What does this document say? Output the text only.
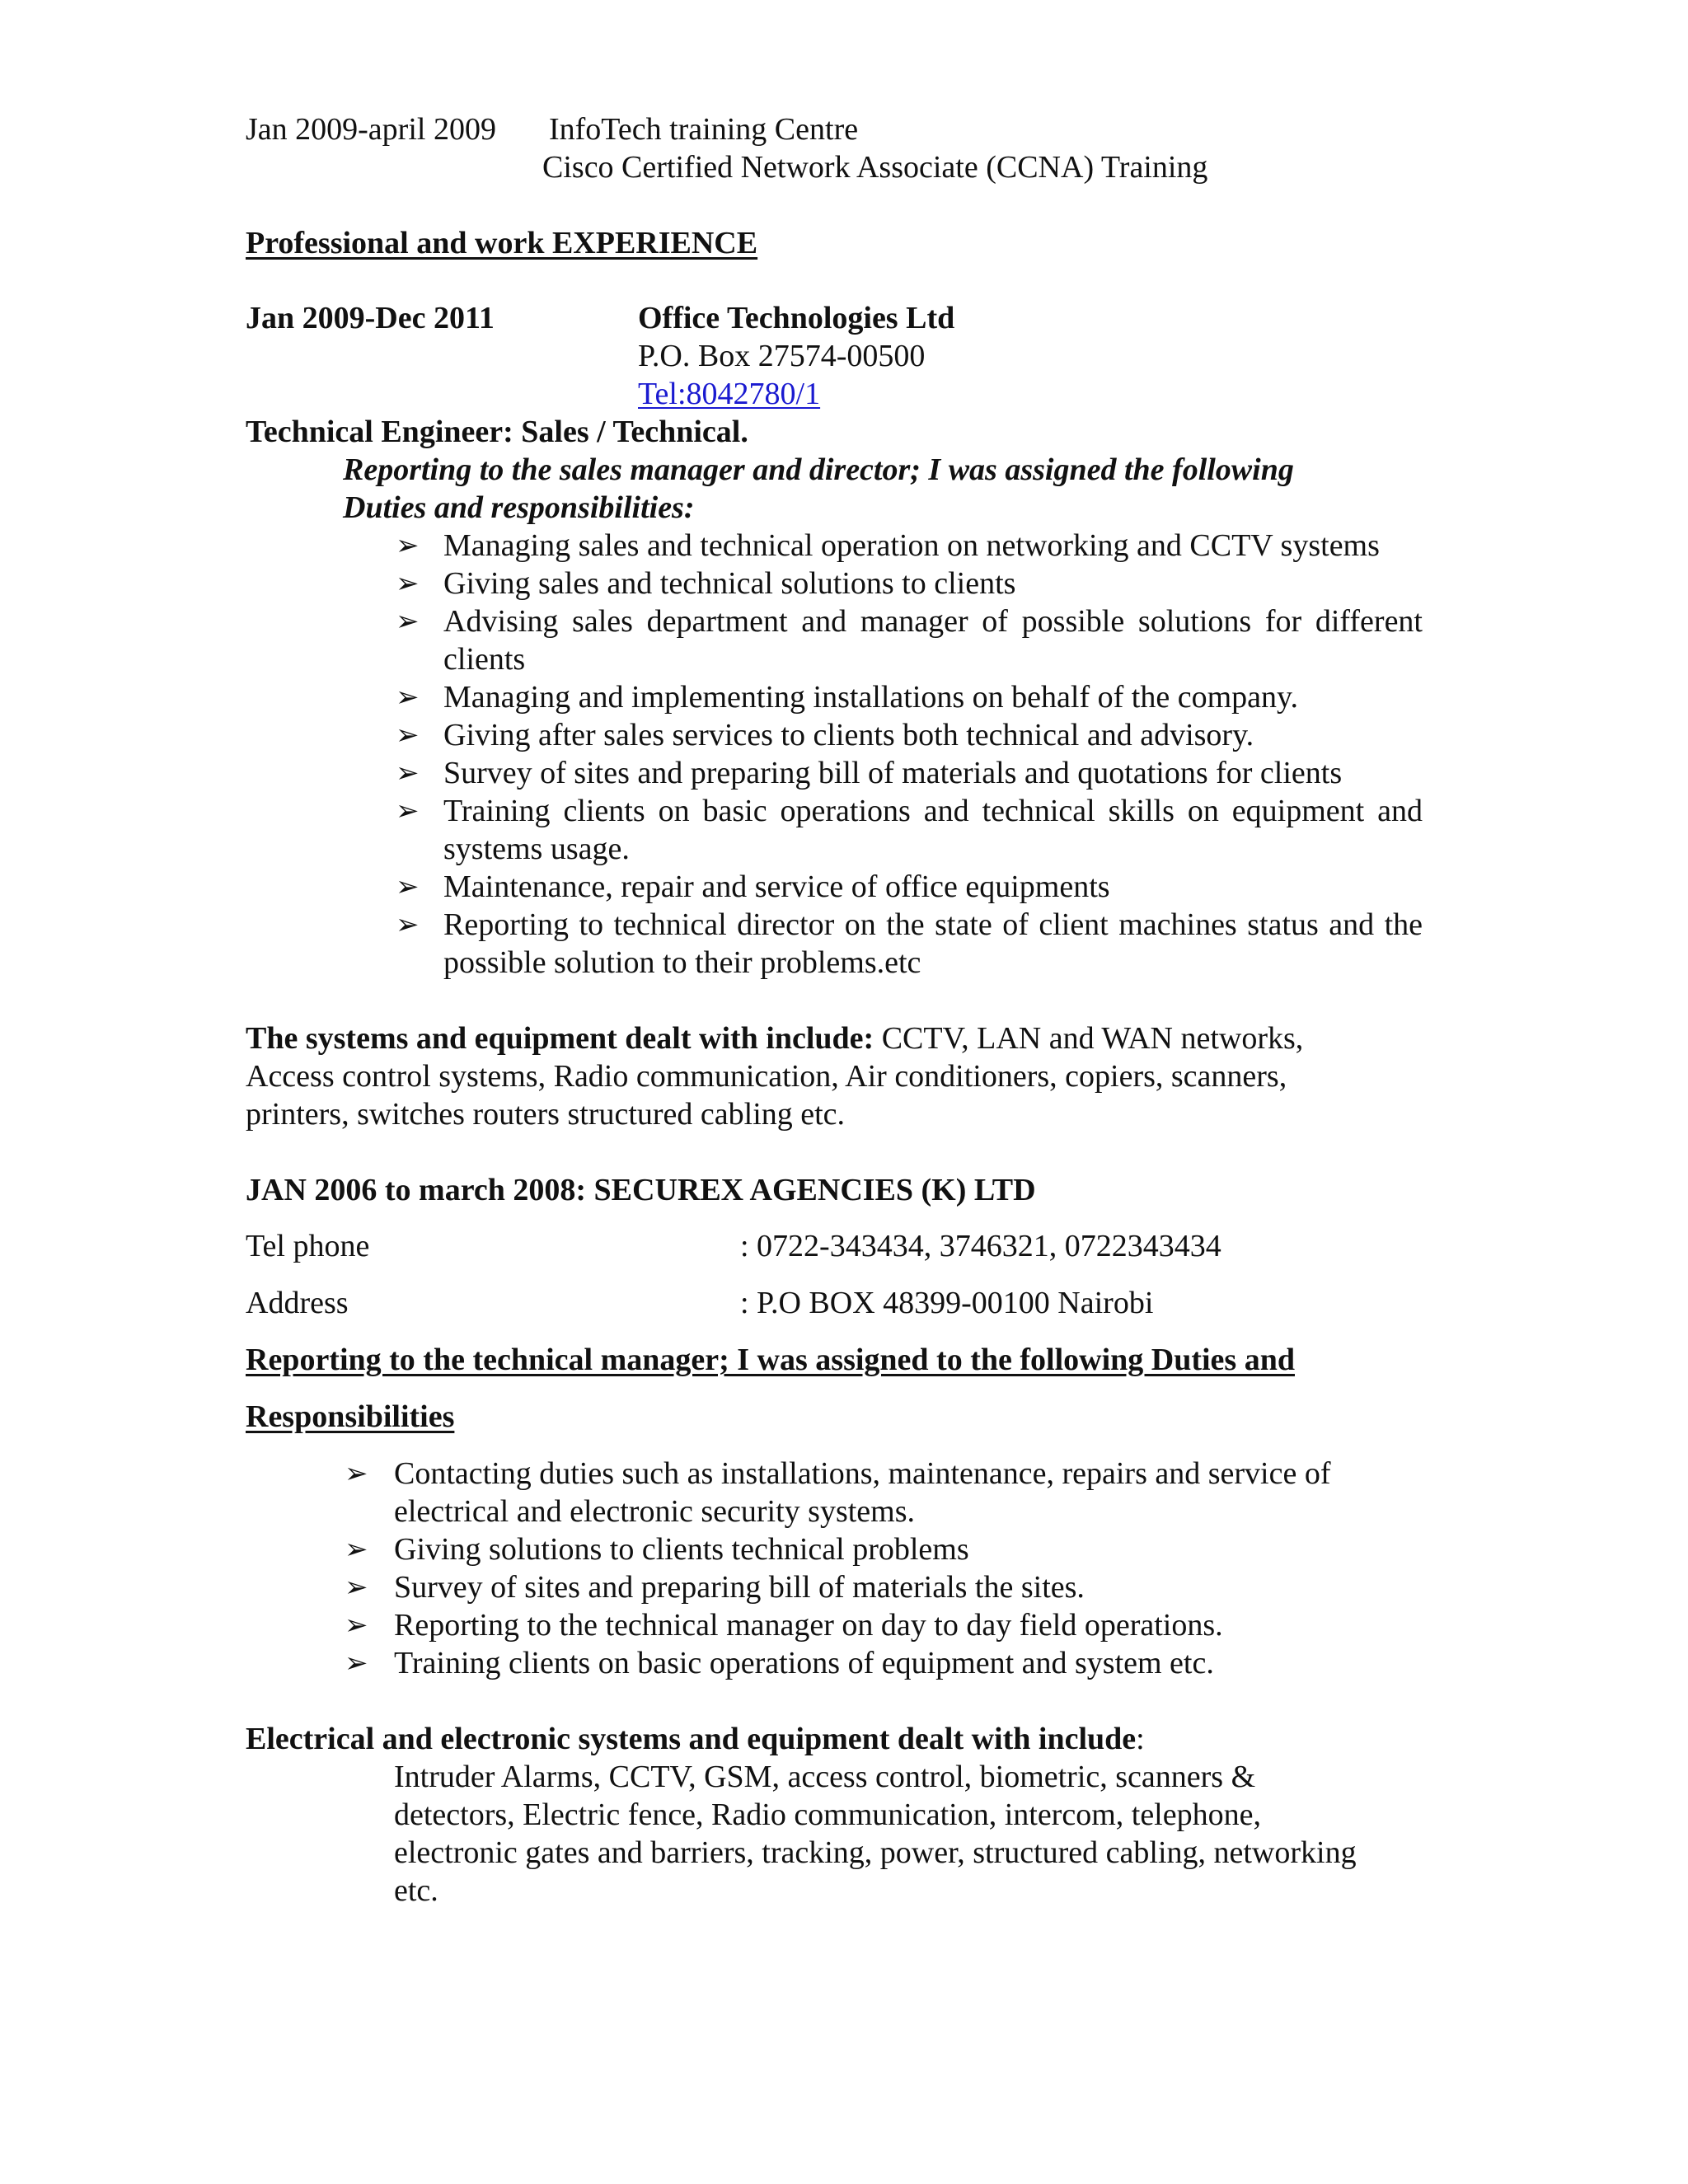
Jan 2009-april 2009 InfoTech training Centre
Cisco Certified Network Associate (CCNA) Training
Professional and work EXPERIENCE
Jan 2009-Dec 2011	Office Technologies Ltd
P.O. Box 27574-00500
Tel:8042780/1
Technical Engineer: Sales / Technical.
Reporting to the sales manager and director; I was assigned the following
Duties and responsibilities:
➢ Managing sales and technical operation on networking and CCTV systems
➢ Giving sales and technical solutions to clients
➢ Advising sales department and manager of possible solutions for different clients
➢ Managing and implementing installations on behalf of the company.
➢ Giving after sales services to clients both technical and advisory.
➢ Survey of sites and preparing bill of materials and quotations for clients
➢ Training clients on basic operations and technical skills on equipment and systems usage.
➢ Maintenance, repair and service of office equipments
➢ Reporting to technical director on the state of client machines status and the possible solution to their problems.etc
The systems and equipment dealt with include: CCTV, LAN and WAN networks,
Access control systems, Radio communication, Air conditioners, copiers, scanners,
printers, switches routers structured cabling etc.
JAN 2006 to march 2008: SECUREX AGENCIES (K) LTD
Tel phone	: 0722-343434, 3746321, 0722343434
Address	: P.O BOX 48399-00100 Nairobi
Reporting to the technical manager; I was assigned to the following Duties and
Responsibilities
➢ Contacting duties such as installations, maintenance, repairs and service of electrical and electronic security systems.
➢ Giving solutions to clients technical problems
➢ Survey of sites and preparing bill of materials the sites.
➢ Reporting to the technical manager on day to day field operations.
➢ Training clients on basic operations of equipment and system etc.
Electrical and electronic systems and equipment dealt with include:
Intruder Alarms, CCTV, GSM, access control, biometric, scanners &
detectors, Electric fence, Radio communication, intercom, telephone,
electronic gates and barriers, tracking, power, structured cabling, networking
etc.
